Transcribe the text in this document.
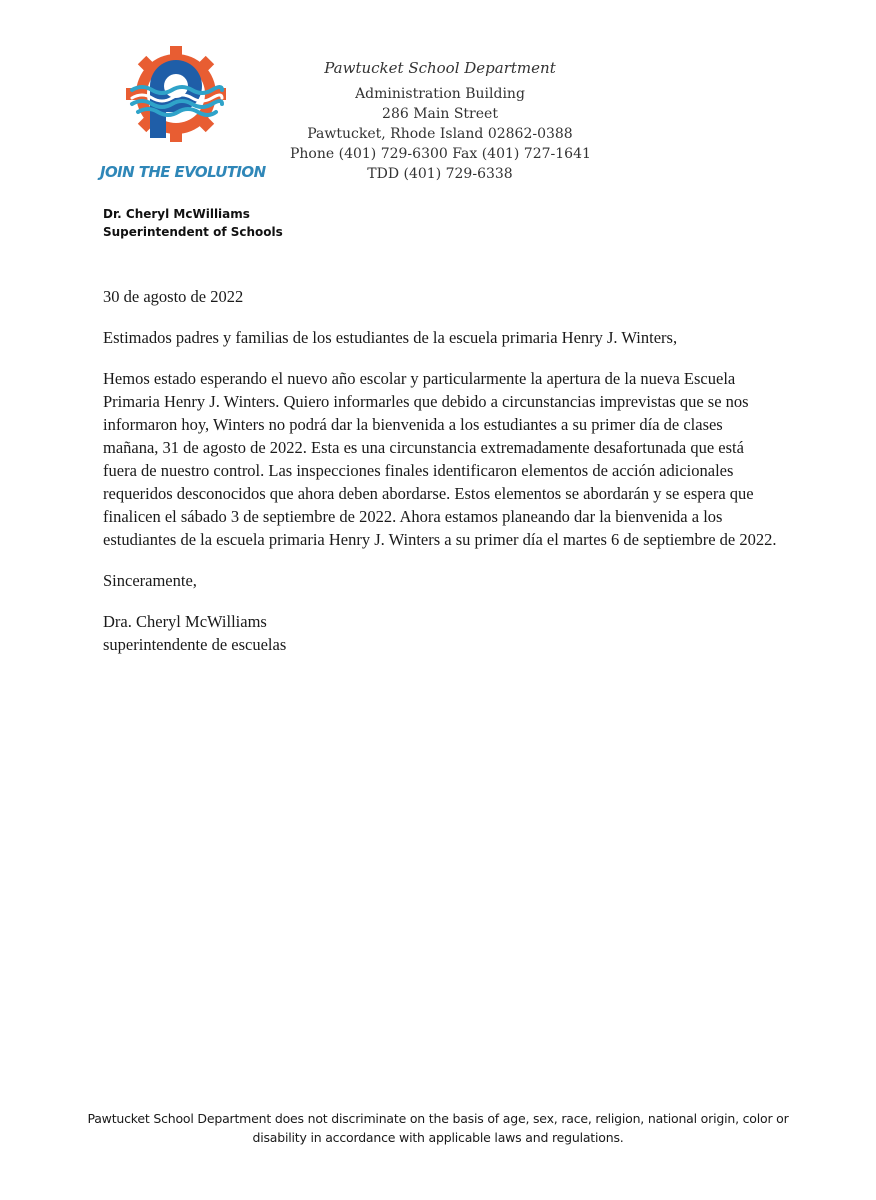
JOIN THE EVOLUTION
Pawtucket School Department
Administration Building
286 Main Street
Pawtucket, Rhode Island 02862-0388
Phone (401) 729-6300 Fax (401) 727-1641
TDD (401) 729-6338
Dr. Cheryl McWilliams
Superintendent of Schools

30 de agosto de 2022

Estimados padres y familias de los estudiantes de la escuela primaria Henry J. Winters,

Hemos estado esperando el nuevo año escolar y particularmente la apertura de la nueva Escuela Primaria Henry J. Winters. Quiero informarles que debido a circunstancias imprevistas que se nos informaron hoy, Winters no podrá dar la bienvenida a los estudiantes a su primer día de clases mañana, 31 de agosto de 2022. Esta es una circunstancia extremadamente desafortunada que está fuera de nuestro control. Las inspecciones finales identificaron elementos de acción adicionales requeridos desconocidos que ahora deben abordarse. Estos elementos se abordarán y se espera que finalicen el sábado 3 de septiembre de 2022. Ahora estamos planeando dar la bienvenida a los estudiantes de la escuela primaria Henry J. Winters a su primer día el martes 6 de septiembre de 2022.

Sinceramente,

Dra. Cheryl McWilliams
superintendente de escuelas

Pawtucket School Department does not discriminate on the basis of age, sex, race, religion, national origin, color or disability in accordance with applicable laws and regulations.
